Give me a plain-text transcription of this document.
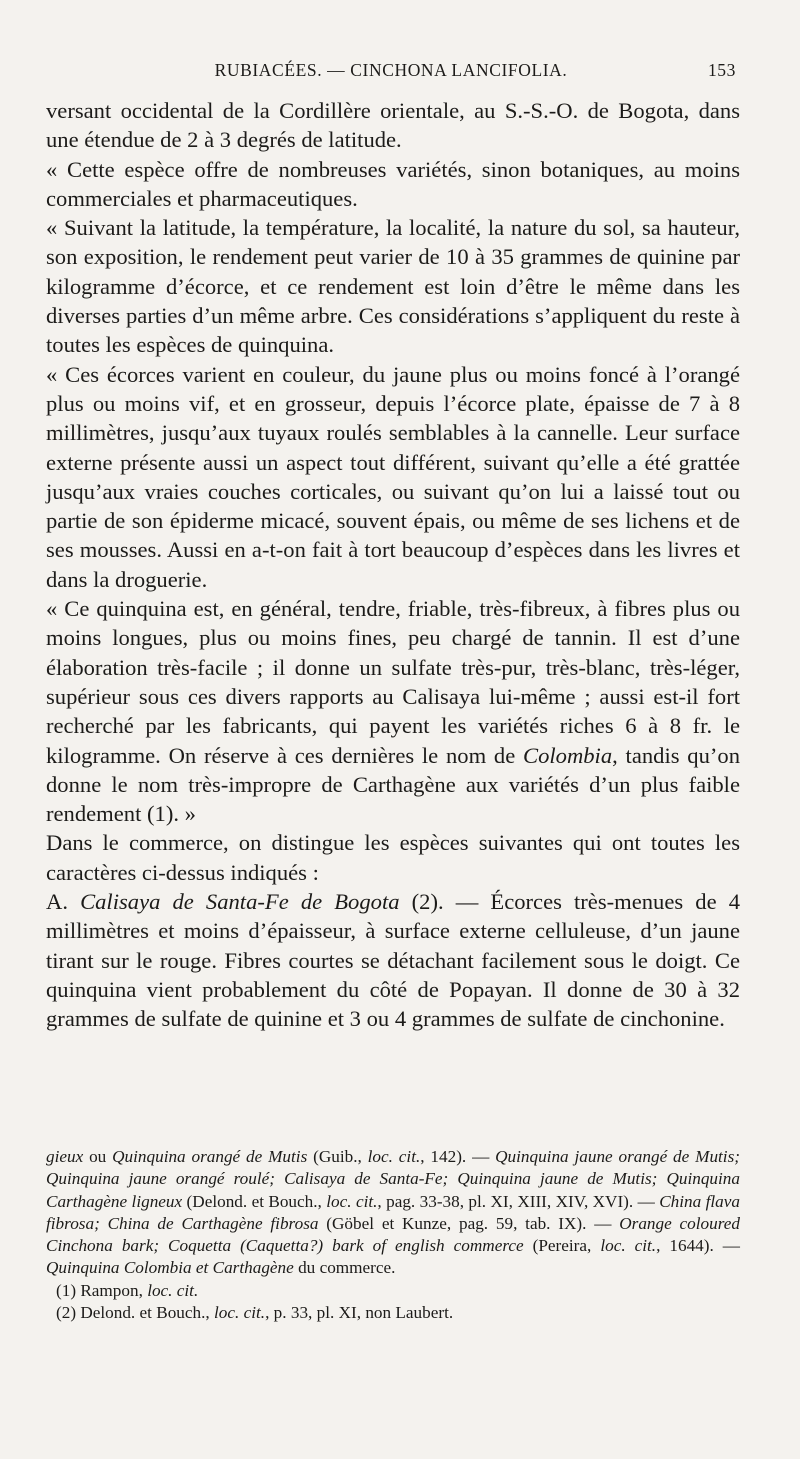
RUBIACÉES. — CINCHONA LANCIFOLIA.	153

versant occidental de la Cordillère orientale, au S.-S.-O. de Bogota, dans une étendue de 2 à 3 degrés de latitude.

« Cette espèce offre de nombreuses variétés, sinon botaniques, au moins commerciales et pharmaceutiques.

« Suivant la latitude, la température, la localité, la nature du sol, sa hauteur, son exposition, le rendement peut varier de 10 à 35 grammes de quinine par kilogramme d’écorce, et ce rendement est loin d’être le même dans les diverses parties d’un même arbre. Ces considérations s’appliquent du reste à toutes les espèces de quinquina.

« Ces écorces varient en couleur, du jaune plus ou moins foncé à l’orangé plus ou moins vif, et en grosseur, depuis l’écorce plate, épaisse de 7 à 8 millimètres, jusqu’aux tuyaux roulés semblables à la cannelle. Leur surface externe présente aussi un aspect tout différent, suivant qu’elle a été grattée jusqu’aux vraies couches corticales, ou suivant qu’on lui a laissé tout ou partie de son épiderme micacé, souvent épais, ou même de ses lichens et de ses mousses. Aussi en a-t-on fait à tort beaucoup d’espèces dans les livres et dans la droguerie.

« Ce quinquina est, en général, tendre, friable, très-fibreux, à fibres plus ou moins longues, plus ou moins fines, peu chargé de tannin. Il est d’une élaboration très-facile ; il donne un sulfate très-pur, très-blanc, très-léger, supérieur sous ces divers rapports au Calisaya lui-même ; aussi est-il fort recherché par les fabricants, qui payent les variétés riches 6 à 8 fr. le kilogramme. On réserve à ces dernières le nom de Colombia, tandis qu’on donne le nom très-impropre de Carthagène aux variétés d’un plus faible rendement (1). »

Dans le commerce, on distingue les espèces suivantes qui ont toutes les caractères ci-dessus indiqués :

A. Calisaya de Santa-Fe de Bogota (2). — Écorces très-menues de 4 millimètres et moins d’épaisseur, à surface externe celluleuse, d’un jaune tirant sur le rouge. Fibres courtes se détachant facilement sous le doigt. Ce quinquina vient probablement du côté de Popayan. Il donne de 30 à 32 grammes de sulfate de quinine et 3 ou 4 grammes de sulfate de cinchonine.

gieux ou Quinquina orangé de Mutis (Guib., loc. cit., 142). — Quinquina jaune orangé de Mutis; Quinquina jaune orangé roulé; Calisaya de Santa-Fe; Quinquina jaune de Mutis; Quinquina Carthagène ligneux (Delond. et Bouch., loc. cit., pag. 33-38, pl. XI, XIII, XIV, XVI). — China flava fibrosa; China de Carthagène fibrosa (Göbel et Kunze, pag. 59, tab. IX). — Orange coloured Cinchona bark; Coquetta (Caquetta?) bark of english commerce (Pereira, loc. cit., 1644). — Quinquina Colombia et Carthagène du commerce.

(1) Rampon, loc. cit.

(2) Delond. et Bouch., loc. cit., p. 33, pl. XI, non Laubert.
